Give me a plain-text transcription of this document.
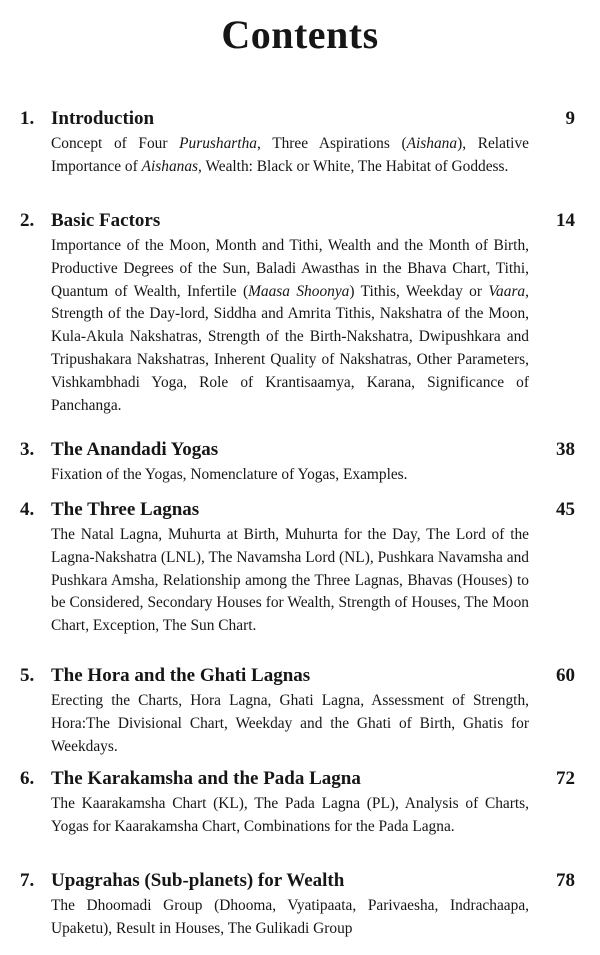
Contents
1. Introduction	9
Concept of Four Purushartha, Three Aspirations (Aishana), Relative Importance of Aishanas, Wealth: Black or White, The Habitat of Goddess.
2. Basic Factors	14
Importance of the Moon, Month and Tithi, Wealth and the Month of Birth, Productive Degrees of the Sun, Baladi Awasthas in the Bhava Chart, Tithi, Quantum of Wealth, Infertile (Maasa Shoonya) Tithis, Weekday or Vaara, Strength of the Day-lord, Siddha and Amrita Tithis, Nakshatra of the Moon, Kula-Akula Nakshatras, Strength of the Birth-Nakshatra, Dwipushkara and Tripushakara Nakshatras, Inherent Quality of Nakshatras, Other Parameters, Vishkambhadi Yoga, Role of Krantisaamya, Karana, Significance of Panchanga.
3. The Anandadi Yogas	38
Fixation of the Yogas, Nomenclature of Yogas, Examples.
4. The Three Lagnas	45
The Natal Lagna, Muhurta at Birth, Muhurta for the Day, The Lord of the Lagna-Nakshatra (LNL), The Navamsha Lord (NL), Pushkara Navamsha and Pushkara Amsha, Relationship among the Three Lagnas, Bhavas (Houses) to be Considered, Secondary Houses for Wealth, Strength of Houses, The Moon Chart, Exception, The Sun Chart.
5. The Hora and the Ghati Lagnas	60
Erecting the Charts, Hora Lagna, Ghati Lagna, Assessment of Strength, Hora:The Divisional Chart, Weekday and the Ghati of Birth, Ghatis for Weekdays.
6. The Karakamsha and the Pada Lagna	72
The Kaarakamsha Chart (KL), The Pada Lagna (PL), Analysis of Charts, Yogas for Kaarakamsha Chart, Combinations for the Pada Lagna.
7. Upagrahas (Sub-planets) for Wealth	78
The Dhoomadi Group (Dhooma, Vyatipaata, Parivaesha, Indrachaapa, Upaketu), Result in Houses, The Gulikadi Group
